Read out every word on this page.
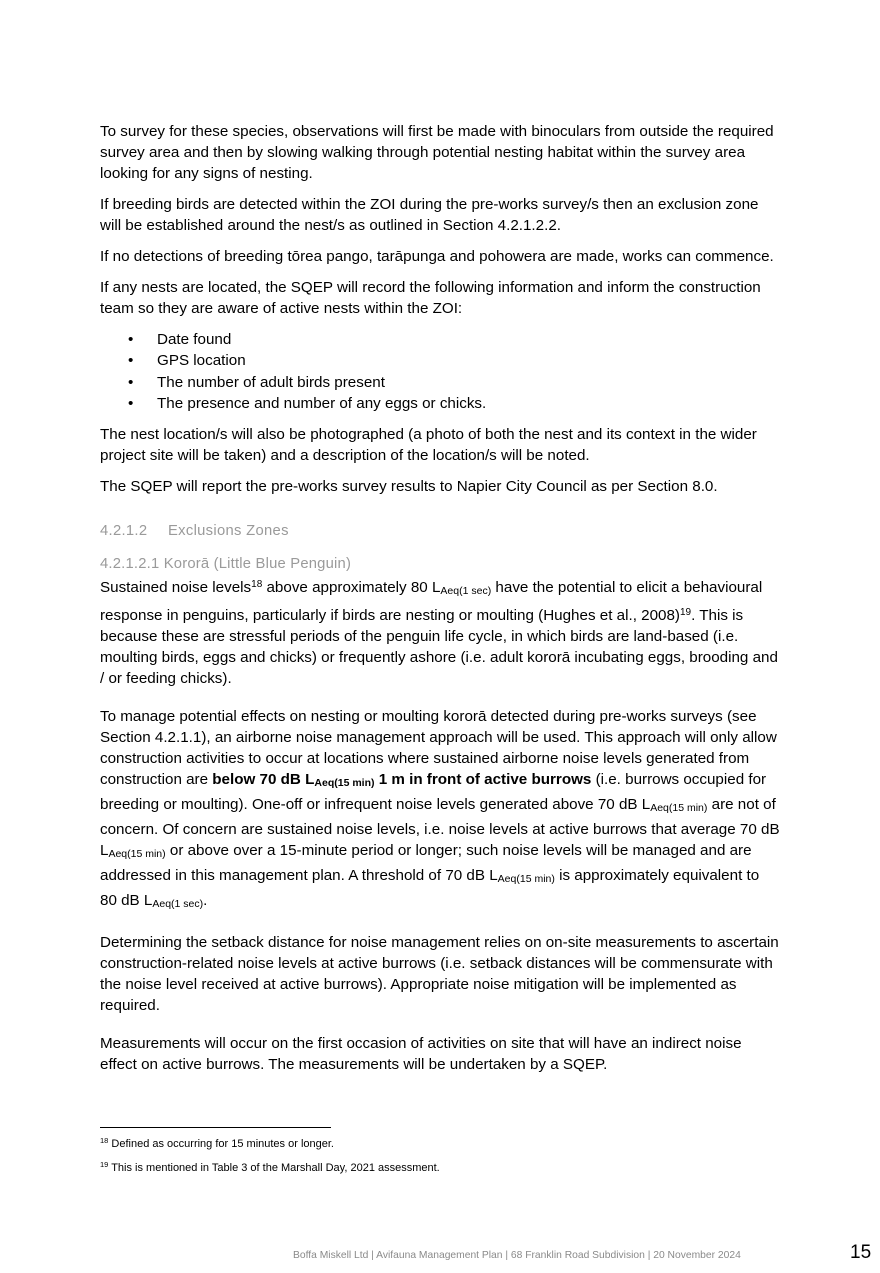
To survey for these species, observations will first be made with binoculars from outside the required survey area and then by slowing walking through potential nesting habitat within the survey area looking for any signs of nesting.

If breeding birds are detected within the ZOI during the pre-works survey/s then an exclusion zone will be established around the nest/s as outlined in Section 4.2.1.2.2.

If no detections of breeding tōrea pango, tarāpunga and pohowera are made, works can commence.

If any nests are located, the SQEP will record the following information and inform the construction team so they are aware of active nests within the ZOI:

• Date found
• GPS location
• The number of adult birds present
• The presence and number of any eggs or chicks.

The nest location/s will also be photographed (a photo of both the nest and its context in the wider project site will be taken) and a description of the location/s will be noted.

The SQEP will report the pre-works survey results to Napier City Council as per Section 8.0.

4.2.1.2 Exclusions Zones
4.2.1.2.1 Kororā (Little Blue Penguin)

Sustained noise levels$^{18}$ above approximately 80 LAeq(1 sec) have the potential to elicit a behavioural response in penguins, particularly if birds are nesting or moulting (Hughes et al., 2008)$^{19}$. This is because these are stressful periods of the penguin life cycle, in which birds are land-based (i.e. moulting birds, eggs and chicks) or frequently ashore (i.e. adult kororā incubating eggs, brooding and / or feeding chicks).

To manage potential effects on nesting or moulting kororā detected during pre-works surveys (see Section 4.2.1.1), an airborne noise management approach will be used. This approach will only allow construction activities to occur at locations where sustained airborne noise levels generated from construction are below 70 dB LAeq(15 min) 1 m in front of active burrows (i.e. burrows occupied for breeding or moulting). One-off or infrequent noise levels generated above 70 dB LAeq(15 min) are not of concern. Of concern are sustained noise levels, i.e. noise levels at active burrows that average 70 dB LAeq(15 min) or above over a 15-minute period or longer; such noise levels will be managed and are addressed in this management plan. A threshold of 70 dB LAeq(15 min) is approximately equivalent to 80 dB LAeq(1 sec).

Determining the setback distance for noise management relies on on-site measurements to ascertain construction-related noise levels at active burrows (i.e. setback distances will be commensurate with the noise level received at active burrows). Appropriate noise mitigation will be implemented as required.

Measurements will occur on the first occasion of activities on site that will have an indirect noise effect on active burrows. The measurements will be undertaken by a SQEP.

$^{18}$ Defined as occurring for 15 minutes or longer.
$^{19}$ This is mentioned in Table 3 of the Marshall Day, 2021 assessment.
Boffa Miskell Ltd | Avifauna Management Plan | 68 Franklin Road Subdivision | 20 November 2024	15
